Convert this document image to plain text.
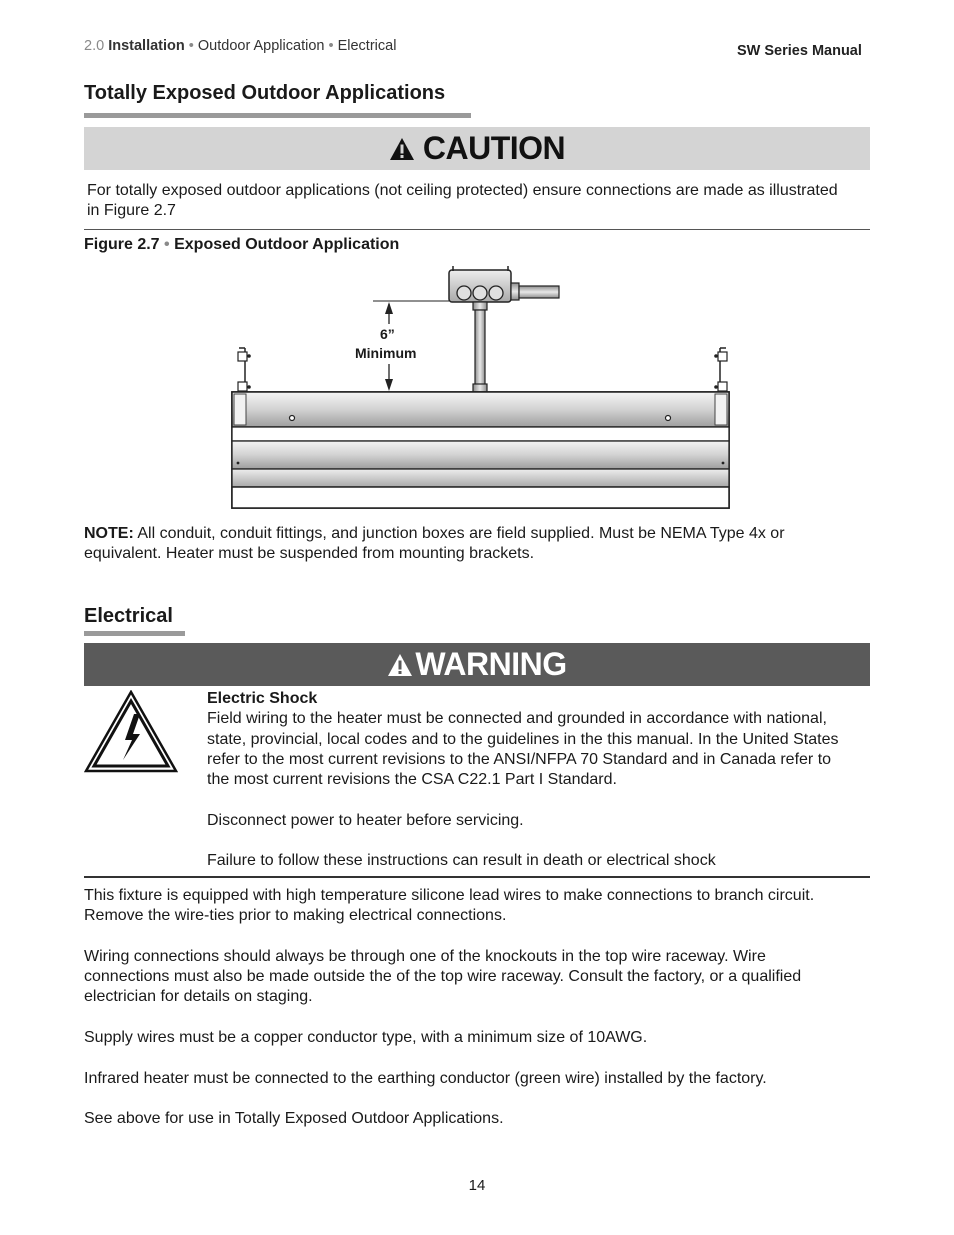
2.0 Installation • Outdoor Application • Electrical	SW Series Manual
Totally Exposed Outdoor Applications
CAUTION
For totally exposed outdoor applications (not ceiling protected) ensure connections are made as illustrated
in Figure 2.7
Figure 2.7 • Exposed Outdoor Application
6”
Minimum
NOTE: All conduit, conduit fittings, and junction boxes are field supplied. Must be NEMA Type 4x or
equivalent. Heater must be suspended from mounting brackets.
Electrical
WARNING
Electric Shock
Field wiring to the heater must be connected and grounded in accordance with national,
state, provincial, local codes and to the guidelines in the this manual. In the United States
refer to the most current revisions to the ANSI/NFPA 70 Standard and in Canada refer to
the most current revisions the CSA C22.1 Part I Standard.
Disconnect power to heater before servicing.
Failure to follow these instructions can result in death or electrical shock
This fixture is equipped with high temperature silicone lead wires to make connections to branch circuit.
Remove the wire-ties prior to making electrical connections.
Wiring connections should always be through one of the knockouts in the top wire raceway. Wire
connections must also be made outside the of the top wire raceway. Consult the factory, or a qualified
electrician for details on staging.
Supply wires must be a copper conductor type, with a minimum size of 10AWG.
Infrared heater must be connected to the earthing conductor (green wire) installed by the factory.
See above for use in Totally Exposed Outdoor Applications.
14
